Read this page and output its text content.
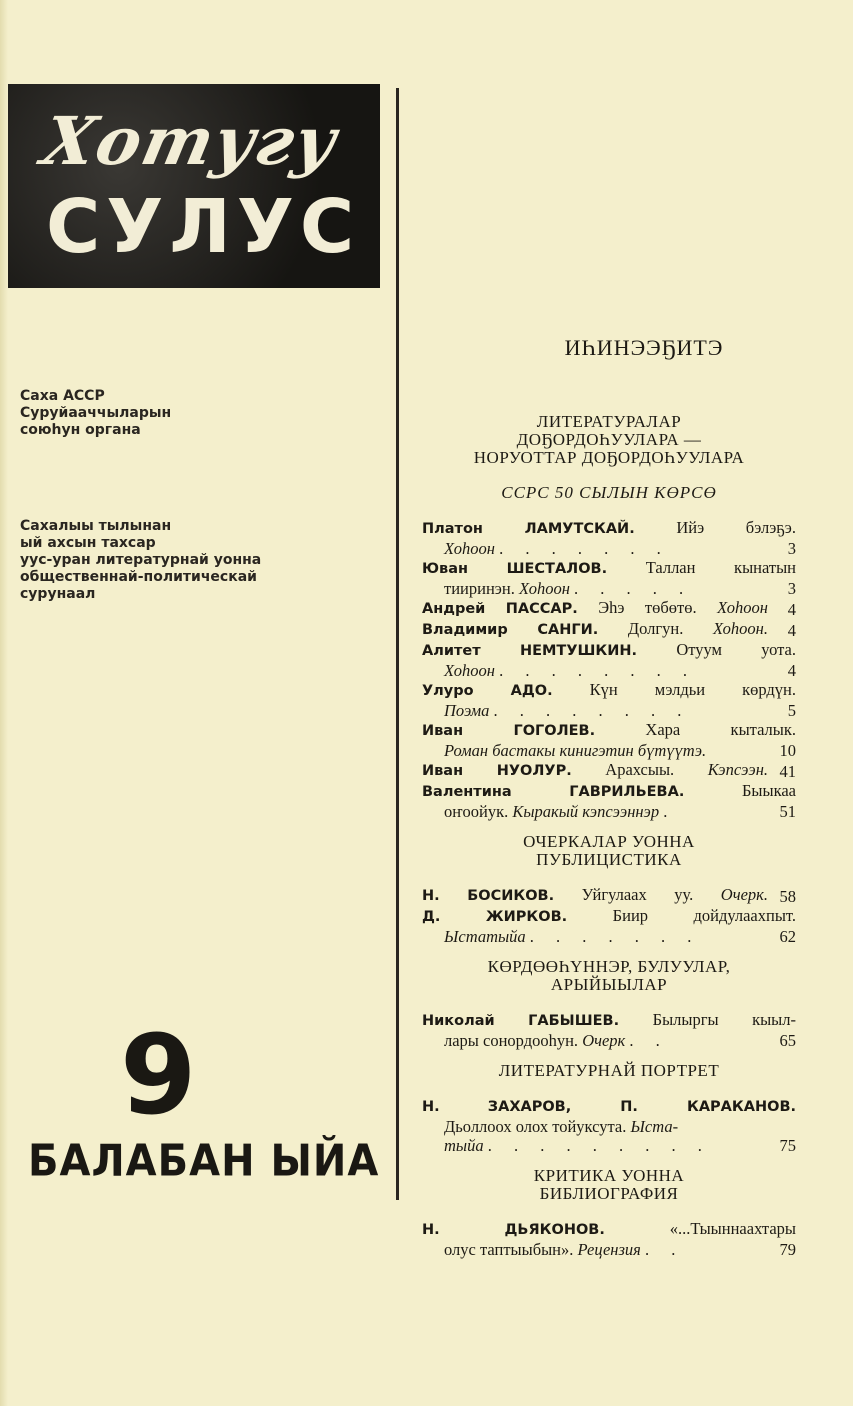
Хотугу
СУЛУС
Саха АССР
Суруйааччыларын
союһун органа
Сахалыы тылынан
ый ахсын тахсар
уус-уран литературнай уонна
общественнай-политическай
сурунаал
9
БАЛАБАН ЫЙА
ИҺИНЭЭҔИТЭ
ЛИТЕРАТУРАЛАР
ДОҔОРДОҺУУЛАРА —
НОРУОТТАР ДОҔОРДОҺУУЛАРА
ССРС 50 СЫЛЫН КӨРСӨ
Платон	ЛАМУТСКАЙ.	Ийэ бэлэҕэ.
Хоһоон . . . . . . .	3
Ювaн	ШЕСТАЛОВ. Таллан кынатын
тииринэн. Хоһоон . . . . .	3
Андрей ПАССАР. Эһэ төбөтө. Хоһоон	4
Владимир САНГИ. Долгун. Хоһоон.	4
Алитет	НЕМТУШКИН. Отуум уота.
Хоһоон . . . . . . . .	4
Улуро	АДО. Күн мэлдьи көрдүн.
Поэма . . . . . . . .	5
Иван	ГОГОЛЕВ.	Хара кыталык.
Роман бастакы кинигэтин бүтүүтэ.	10
Иван НУОЛУР. Арахсыы. Кэпсээн. 41
Валентина	ГАВРИЛЬЕВА.	Быыкаа
оҥоойук. Кыракый кэпсээннэр .	51
ОЧЕРКАЛАР УОННА
ПУБЛИЦИСТИКА
Н. БОСИКОВ. Уйгулаах уу. Очерк. 58
Д.	ЖИРКОВ.	Биир дойдулаахпыт.
Ыстатыйа . . . . . . .	62
КӨРДӨӨҺҮННЭР, БУЛУУЛАР,
АРЫЙЫЫЛАР
Николай ГАБЫШЕВ. Былыргы кыыл-
лары сонордооһун. Очерк . .	65
ЛИТЕРАТУРНАЙ ПОРТРЕТ
Н.	ЗАХАРОВ, П. КАРАКАНОВ.
Дьоллоох олох тойуксута. Ыста-
тыйа . . . . . . . . .	75
КРИТИКА УОННА
БИБЛИОГРАФИЯ
Н.	ДЬЯКОНОВ.	«...Тыыннаахтары
олус таптыыбын». Рецензия . .	79
